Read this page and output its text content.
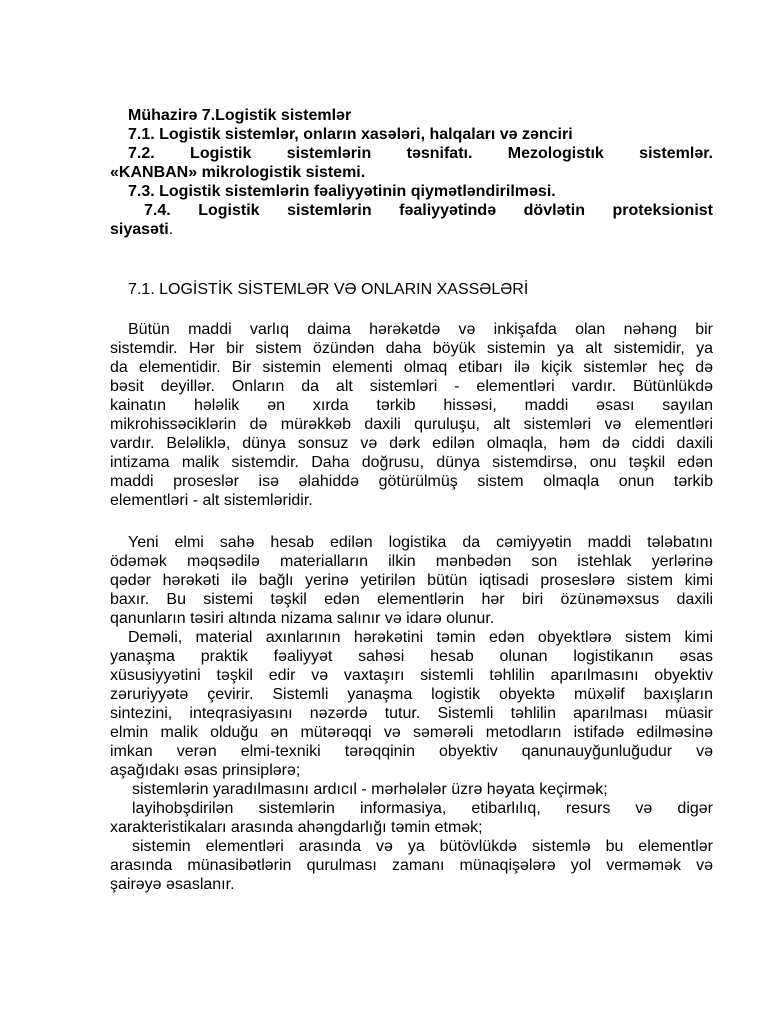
Mühazirə 7.Logistik sistemlər

7.1. Logistik sistemlər, onların xasələri, halqaları və zənciri

7.2. Logistik sistemlərin təsnifatı. Mezologistık sistemlər.

«KANBAN» mikrologistik sistemi.

7.3. Logistik sistemlərin fəaliyyətinin qiymətləndirilməsi.

7.4. Logistik sistemlərin fəaliyyətində dövlətin proteksionist

siyasəti.

7.1. LOGİSTİK SİSTEMLƏR VƏ ONLARIN XASSƏLƏRİ

Bütün maddi varlıq daima hərəkətdə və inkişafda olan nəhəng bir

sistemdir. Hər bir sistem özündən daha böyük sistemin ya alt sistemidir, ya

da elementidir. Bir sistemin elementi olmaq etibarı ilə kiçik sistemlər heç də

bəsit deyillər. Onların da alt sistemləri - elementləri vardır. Bütünlükdə

kainatın hələlik ən xırda tərkib hissəsi, maddi əsası sayılan

mikrohissəciklərin də mürəkkəb daxili quruluşu, alt sistemləri və elementləri

vardır. Beləliklə, dünya sonsuz və dərk edilən olmaqla, həm də ciddi daxili

intizama malik sistemdir. Daha doğrusu, dünya sistemdirsə, onu təşkil edən

maddi proseslər isə əlahiddə götürülmüş sistem olmaqla onun tərkib

elementləri - alt sistemləridir.

Yeni elmi sahə hesab edilən logistika da cəmiyyətin maddi tələbatını

ödəmək məqsədilə materialların ilkin mənbədən son istehlak yerlərinə

qədər hərəkəti ilə bağlı yerinə yetirilən bütün iqtisadi proseslərə sistem kimi

baxır. Bu sistemi təşkil edən elementlərin hər biri özünəməxsus daxili

qanunların təsiri altında nizama salınır və idarə olunur.

Deməli, material axınlarının hərəkətini təmin edən obyektlərə sistem kimi

yanaşma praktik fəaliyyət sahəsi hesab olunan logistikanın əsas

xüsusiyyətini təşkil edir və vaxtaşırı sistemli təhlilin aparılmasını obyektiv

zəruriyyətə çevirir. Sistemli yanaşma logistik obyektə müxəlif baxışların

sintezini, inteqrasiyasını nəzərdə tutur. Sistemli təhlilin aparılması müasir

elmin malik olduğu ən mütərəqqi və səmərəli metodların istifadə edilməsinə

imkan verən elmi-texniki tərəqqinin obyektiv qanunauyğunluğudur və

aşağıdakı əsas prinsiplərə;

sistemlərin yaradılmasını ardıcıl - mərhələlər üzrə həyata keçirmək;

layihobşdirilən sistemlərin informasiya, etibarlılıq, resurs və digər

xarakteristikaları arasında ahəngdarlığı təmin etmək;

sistemin elementləri arasında və ya bütövlükdə sistemlə bu elementlər

arasında münasibətlərin qurulması zamanı münaqişələrə yol verməmək və

şairəyə əsaslanır.
